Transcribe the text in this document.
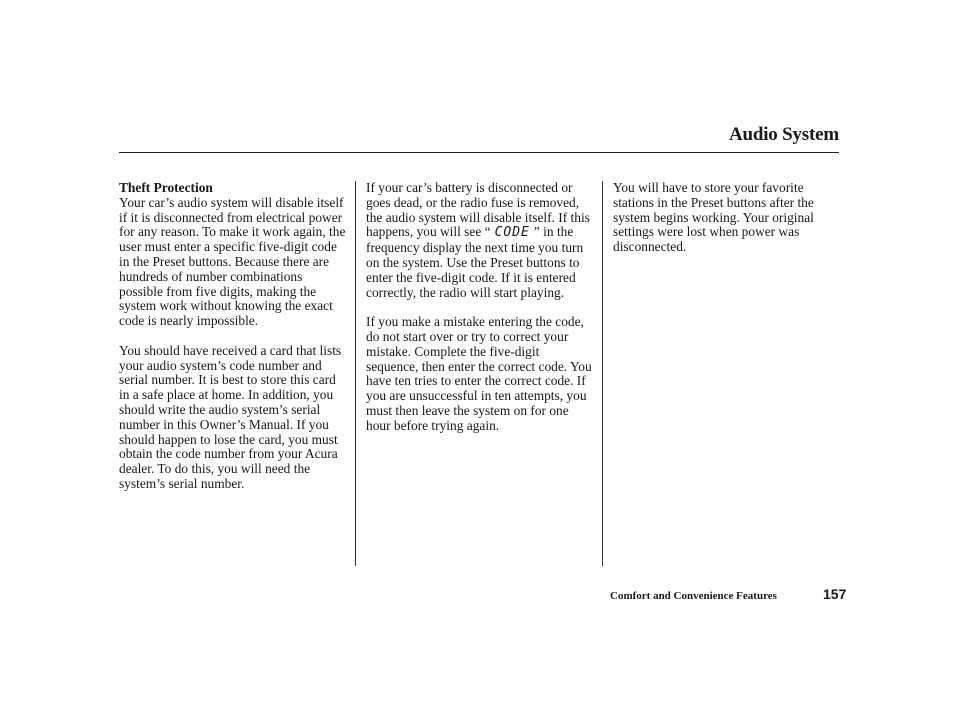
Audio System

Theft Protection
Your car’s audio system will disable itself if it is disconnected from electrical power for any reason. To make it work again, the user must enter a specific five-digit code in the Preset buttons. Because there are hundreds of number combinations possible from five digits, making the system work without knowing the exact code is nearly impossible.

You should have received a card that lists your audio system’s code number and serial number. It is best to store this card in a safe place at home. In addition, you should write the audio system’s serial number in this Owner’s Manual. If you should happen to lose the card, you must obtain the code number from your Acura dealer. To do this, you will need the system’s serial number.

If your car’s battery is disconnected or goes dead, or the radio fuse is removed, the audio system will disable itself. If this happens, you will see “ CODE ” in the frequency display the next time you turn on the system. Use the Preset buttons to enter the five-digit code. If it is entered correctly, the radio will start playing.

If you make a mistake entering the code, do not start over or try to correct your mistake. Complete the five-digit sequence, then enter the correct code. You have ten tries to enter the correct code. If you are unsuccessful in ten attempts, you must then leave the system on for one hour before trying again.

You will have to store your favorite stations in the Preset buttons after the system begins working. Your original settings were lost when power was disconnected.

Comfort and Convenience Features	157
